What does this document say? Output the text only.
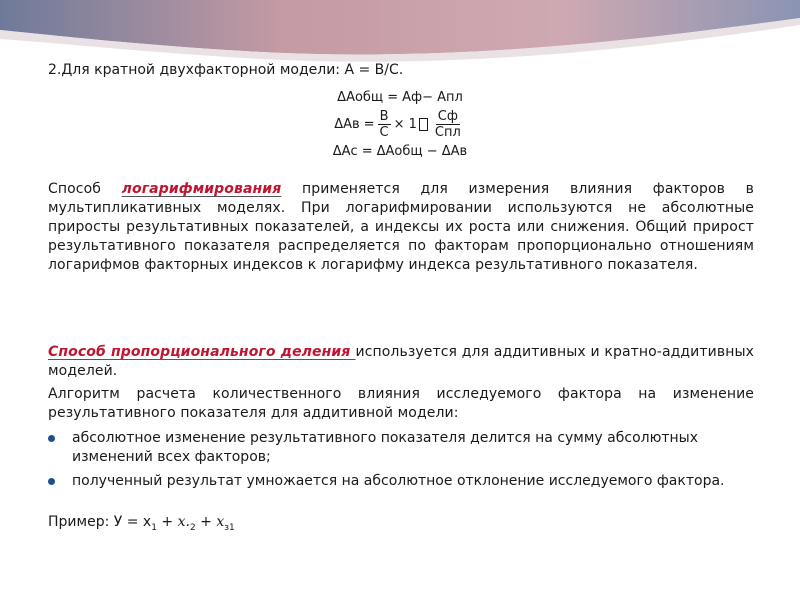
2.Для кратной двухфакторной модели: А = В/С.
ΔАобщ = Аф− Апл
$\Delta Ав = \frac{В}{С} \times 1 \frac{Сф}{\text{Спл}}$
ΔАс = ΔАобщ − ΔАв

Способ логарифмирования применяется для измерения влияния факторов в мультипликативных моделях. При логарифмировании используются не абсолютные приросты результативных показателей, а индексы их роста или снижения. Общий прирост результативного показателя распределяется по факторам пропорционально отношениям логарифмов факторных индексов к логарифму индекса результативного показателя.

Способ пропорционального деления используется для аддитивных и кратно-аддитивных моделей.

Алгоритм расчета количественного влияния исследуемого фактора на изменение результативного показателя для аддитивной модели:
абсолютное изменение результативного показателя делится на сумму абсолютных изменений всех факторов;
полученный результат умножается на абсолютное отклонение исследуемого фактора.
Пример: $У = х_1 + х._2 + х_{з1}$
